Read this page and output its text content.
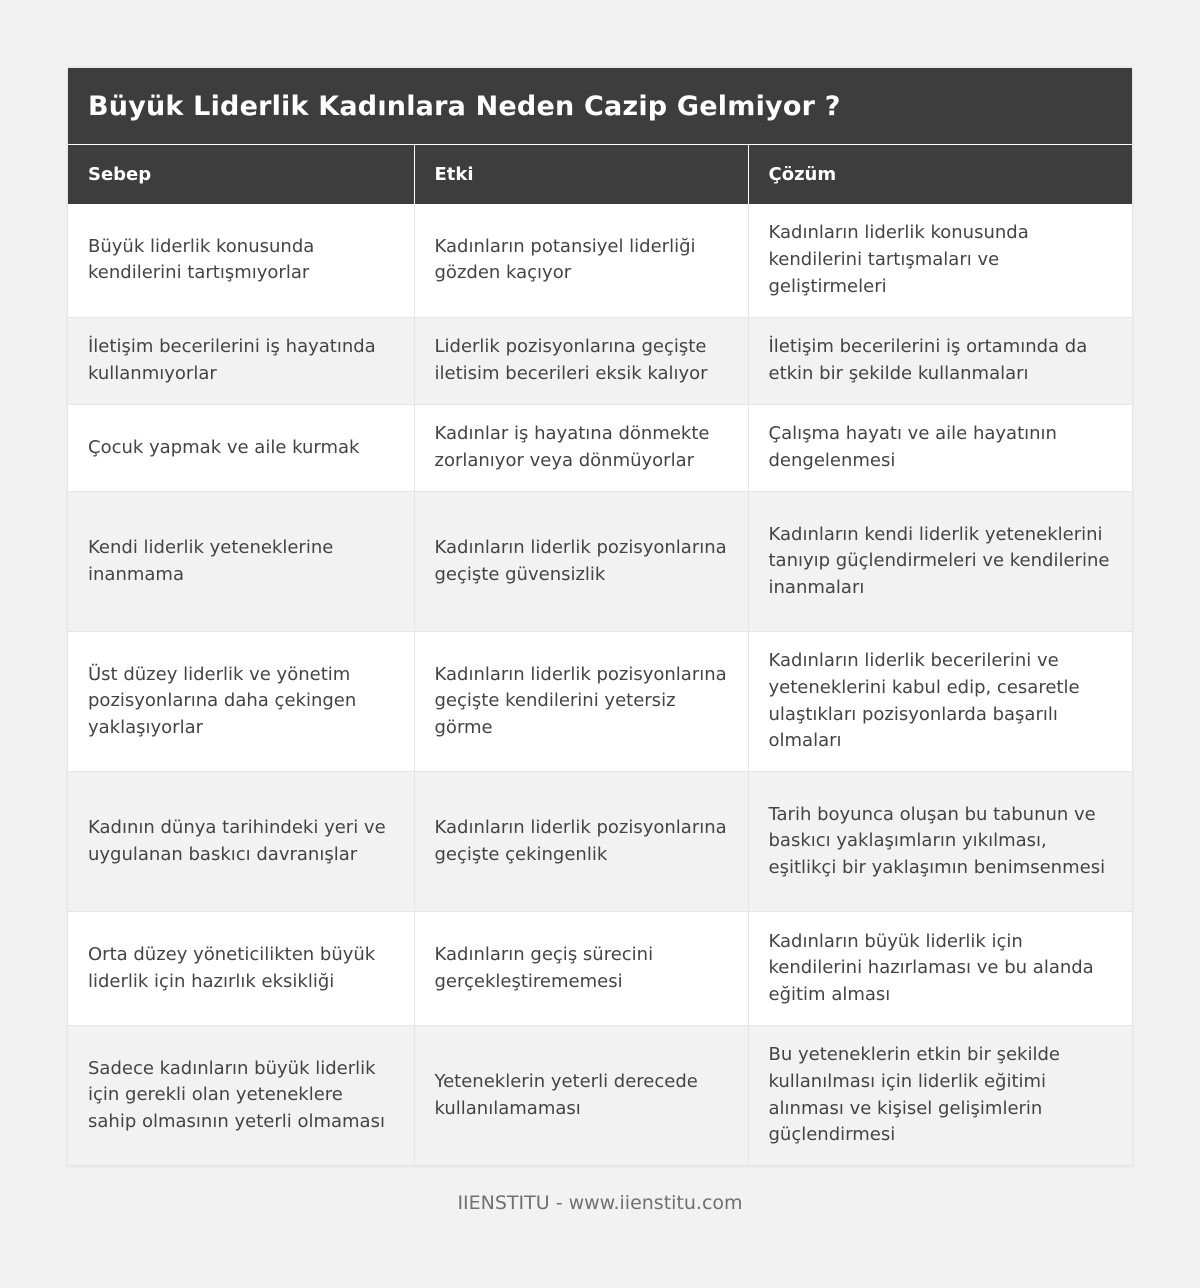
Büyük Liderlik Kadınlara Neden Cazip Gelmiyor ?
Sebep	Etki	Çözüm
Büyük liderlik konusunda kendilerini tartışmıyorlar	Kadınların potansiyel liderliği gözden kaçıyor	Kadınların liderlik konusunda kendilerini tartışmaları ve geliştirmeleri
İletişim becerilerini iş hayatında kullanmıyorlar	Liderlik pozisyonlarına geçişte iletisim becerileri eksik kalıyor	İletişim becerilerini iş ortamında da etkin bir şekilde kullanmaları
Çocuk yapmak ve aile kurmak	Kadınlar iş hayatına dönmekte zorlanıyor veya dönmüyorlar	Çalışma hayatı ve aile hayatının dengelenmesi
Kendi liderlik yeteneklerine inanmama	Kadınların liderlik pozisyonlarına geçişte güvensizlik	Kadınların kendi liderlik yeteneklerini tanıyıp güçlendirmeleri ve kendilerine inanmaları
Üst düzey liderlik ve yönetim pozisyonlarına daha çekingen yaklaşıyorlar	Kadınların liderlik pozisyonlarına geçişte kendilerini yetersiz görme	Kadınların liderlik becerilerini ve yeteneklerini kabul edip, cesaretle ulaştıkları pozisyonlarda başarılı olmaları
Kadının dünya tarihindeki yeri ve uygulanan baskıcı davranışlar	Kadınların liderlik pozisyonlarına geçişte çekingenlik	Tarih boyunca oluşan bu tabunun ve baskıcı yaklaşımların yıkılması, eşitlikçi bir yaklaşımın benimsenmesi
Orta düzey yöneticilikten büyük liderlik için hazırlık eksikliği	Kadınların geçiş sürecini gerçekleştirememesi	Kadınların büyük liderlik için kendilerini hazırlaması ve bu alanda eğitim alması
Sadece kadınların büyük liderlik için gerekli olan yeteneklere sahip olmasının yeterli olmaması	Yeteneklerin yeterli derecede kullanılamaması	Bu yeteneklerin etkin bir şekilde kullanılması için liderlik eğitimi alınması ve kişisel gelişimlerin güçlendirmesi
IIENSTITU - www.iienstitu.com
